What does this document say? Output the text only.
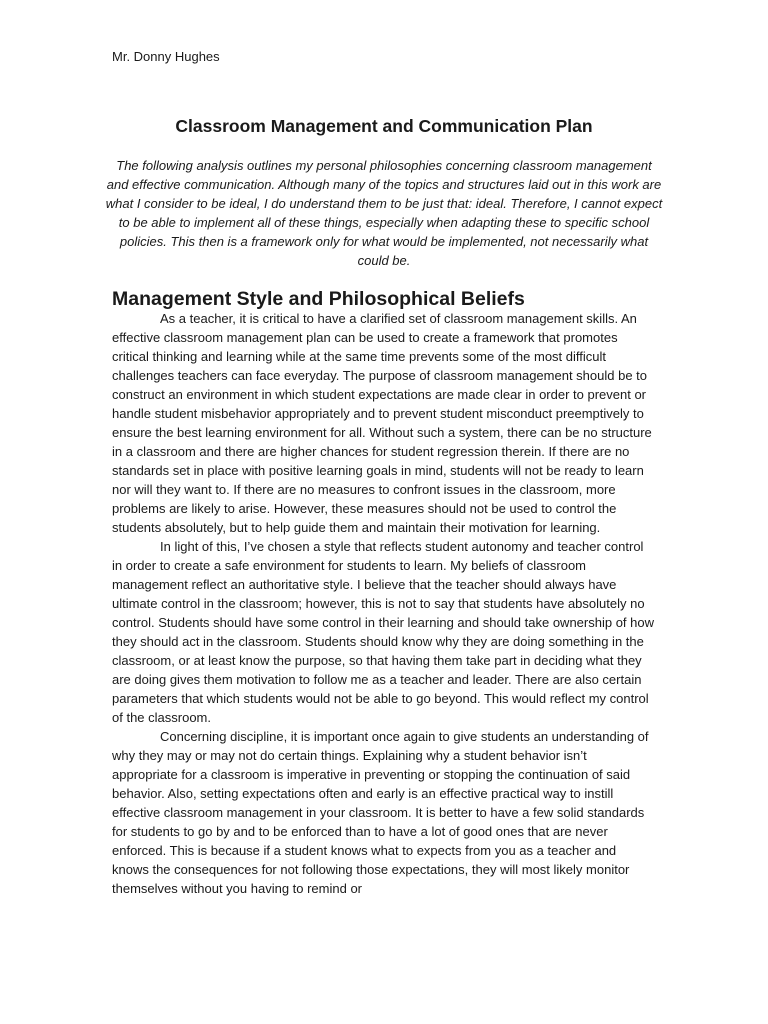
Mr. Donny Hughes

Classroom Management and Communication Plan

The following analysis outlines my personal philosophies concerning classroom management and effective communication. Although many of the topics and structures laid out in this work are what I consider to be ideal, I do understand them to be just that: ideal. Therefore, I cannot expect to be able to implement all of these things, especially when adapting these to specific school policies. This then is a framework only for what would be implemented, not necessarily what could be.

Management Style and Philosophical Beliefs

As a teacher, it is critical to have a clarified set of classroom management skills. An effective classroom management plan can be used to create a framework that promotes critical thinking and learning while at the same time prevents some of the most difficult challenges teachers can face everyday. The purpose of classroom management should be to construct an environment in which student expectations are made clear in order to prevent or handle student misbehavior appropriately and to prevent student misconduct preemptively to ensure the best learning environment for all. Without such a system, there can be no structure in a classroom and there are higher chances for student regression therein. If there are no standards set in place with positive learning goals in mind, students will not be ready to learn nor will they want to. If there are no measures to confront issues in the classroom, more problems are likely to arise. However, these measures should not be used to control the students absolutely, but to help guide them and maintain their motivation for learning.

In light of this, I’ve chosen a style that reflects student autonomy and teacher control in order to create a safe environment for students to learn. My beliefs of classroom management reflect an authoritative style. I believe that the teacher should always have ultimate control in the classroom; however, this is not to say that students have absolutely no control. Students should have some control in their learning and should take ownership of how they should act in the classroom. Students should know why they are doing something in the classroom, or at least know the purpose, so that having them take part in deciding what they are doing gives them motivation to follow me as a teacher and leader. There are also certain parameters that which students would not be able to go beyond. This would reflect my control of the classroom.

Concerning discipline, it is important once again to give students an understanding of why they may or may not do certain things. Explaining why a student behavior isn’t appropriate for a classroom is imperative in preventing or stopping the continuation of said behavior. Also, setting expectations often and early is an effective practical way to instill effective classroom management in your classroom. It is better to have a few solid standards for students to go by and to be enforced than to have a lot of good ones that are never enforced. This is because if a student knows what to expects from you as a teacher and knows the consequences for not following those expectations, they will most likely monitor themselves without you having to remind or
